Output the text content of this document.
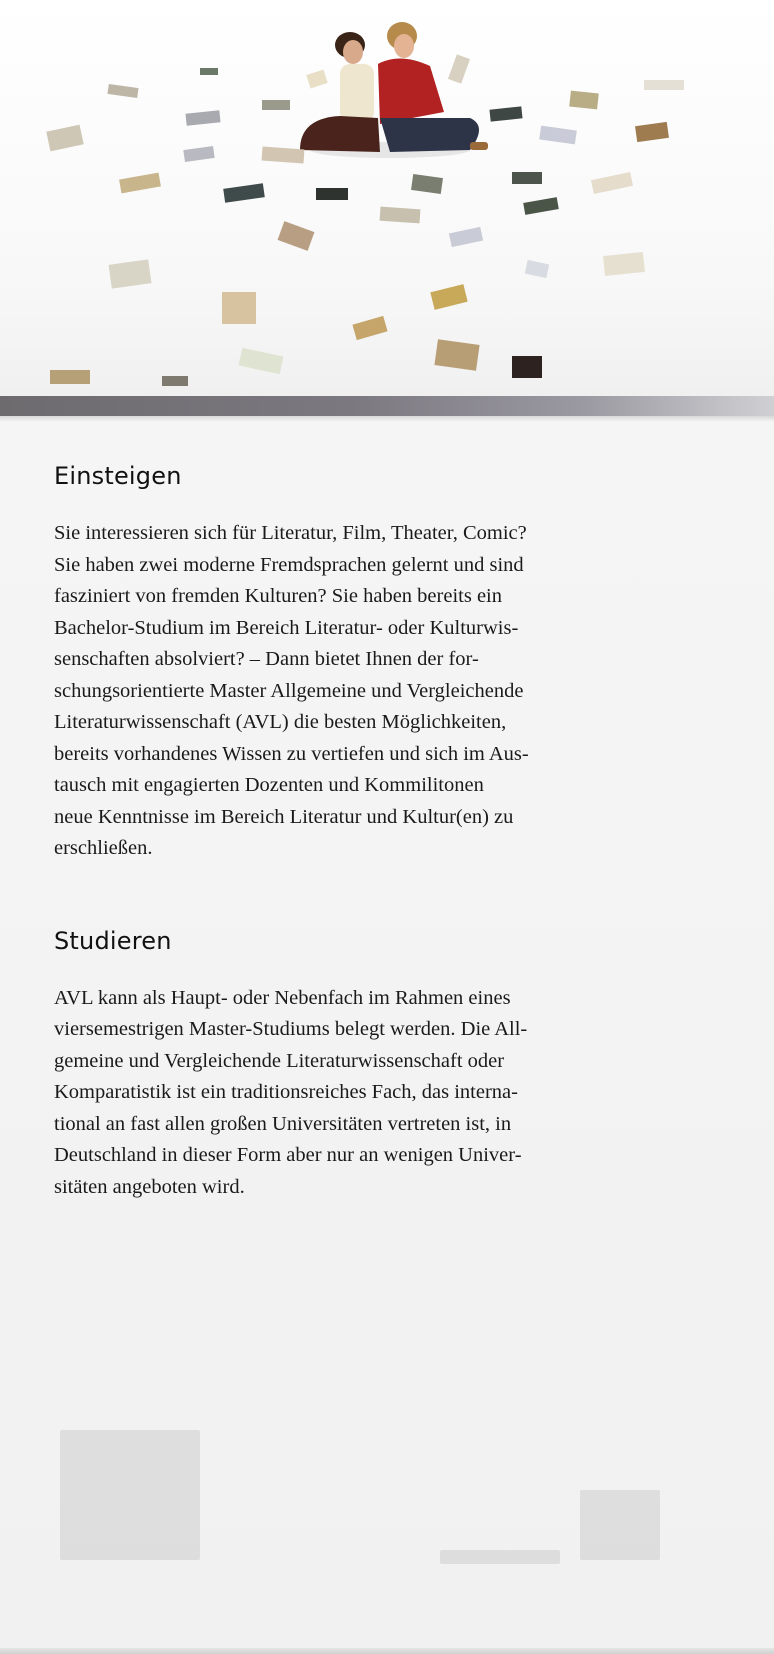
Einsteigen

Sie interessieren sich für Literatur, Film, Theater, Comic?
Sie haben zwei moderne Fremdsprachen gelernt und sind
fasziniert von fremden Kulturen? Sie haben bereits ein
Bachelor-Studium im Bereich Literatur- oder Kulturwis-
senschaften absolviert? – Dann bietet Ihnen der for-
schungsorientierte Master Allgemeine und Vergleichende
Literaturwissenschaft (AVL) die besten Möglichkeiten,
bereits vorhandenes Wissen zu vertiefen und sich im Aus-
tausch mit engagierten Dozenten und Kommilitonen
neue Kenntnisse im Bereich Literatur und Kultur(en) zu
erschließen.

Studieren

AVL kann als Haupt- oder Nebenfach im Rahmen eines
viersemestrigen Master-Studiums belegt werden. Die All-
gemeine und Vergleichende Literaturwissenschaft oder
Komparatistik ist ein traditionsreiches Fach, das interna-
tional an fast allen großen Universitäten vertreten ist, in
Deutschland in dieser Form aber nur an wenigen Univer-
sitäten angeboten wird.
